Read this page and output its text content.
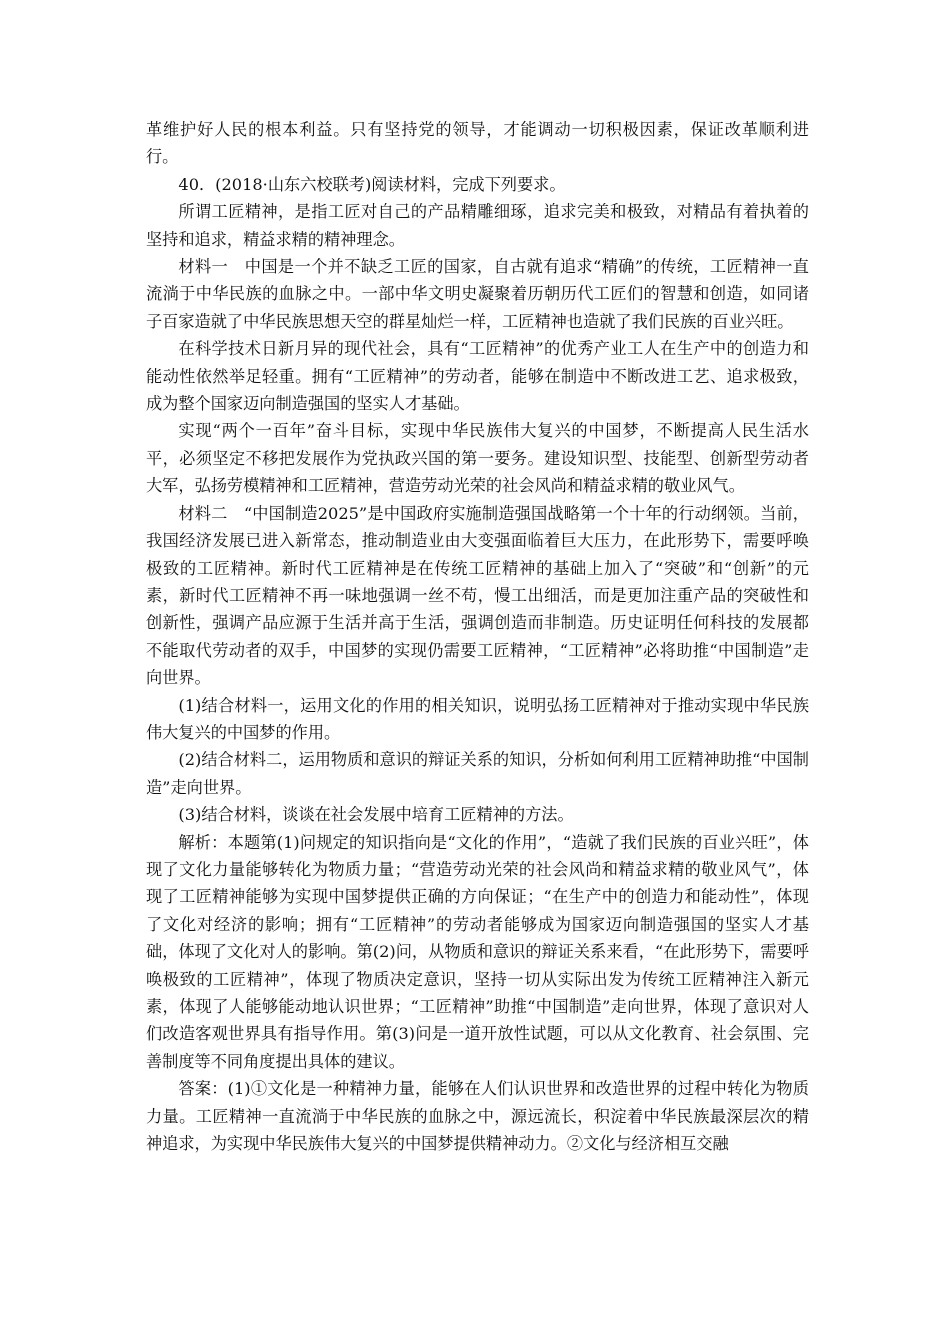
革维护好人民的根本利益。只有坚持党的领导，才能调动一切积极因素，保证改革顺利进行。

40．(2018·山东六校联考)阅读材料，完成下列要求。

所谓工匠精神，是指工匠对自己的产品精雕细琢，追求完美和极致，对精品有着执着的坚持和追求，精益求精的精神理念。

材料一　中国是一个并不缺乏工匠的国家，自古就有追求“精确”的传统，工匠精神一直流淌于中华民族的血脉之中。一部中华文明史凝聚着历朝历代工匠们的智慧和创造，如同诸子百家造就了中华民族思想天空的群星灿烂一样，工匠精神也造就了我们民族的百业兴旺。

在科学技术日新月异的现代社会，具有“工匠精神”的优秀产业工人在生产中的创造力和能动性依然举足轻重。拥有“工匠精神”的劳动者，能够在制造中不断改进工艺、追求极致，成为整个国家迈向制造强国的坚实人才基础。

实现“两个一百年”奋斗目标，实现中华民族伟大复兴的中国梦，不断提高人民生活水平，必须坚定不移把发展作为党执政兴国的第一要务。建设知识型、技能型、创新型劳动者大军，弘扬劳模精神和工匠精神，营造劳动光荣的社会风尚和精益求精的敬业风气。

材料二　“中国制造2025”是中国政府实施制造强国战略第一个十年的行动纲领。当前，我国经济发展已进入新常态，推动制造业由大变强面临着巨大压力，在此形势下，需要呼唤极致的工匠精神。新时代工匠精神是在传统工匠精神的基础上加入了“突破”和“创新”的元素，新时代工匠精神不再一味地强调一丝不苟，慢工出细活，而是更加注重产品的突破性和创新性，强调产品应源于生活并高于生活，强调创造而非制造。历史证明任何科技的发展都不能取代劳动者的双手，中国梦的实现仍需要工匠精神，“工匠精神”必将助推“中国制造”走向世界。

(1)结合材料一，运用文化的作用的相关知识，说明弘扬工匠精神对于推动实现中华民族伟大复兴的中国梦的作用。

(2)结合材料二，运用物质和意识的辩证关系的知识，分析如何利用工匠精神助推“中国制造”走向世界。

(3)结合材料，谈谈在社会发展中培育工匠精神的方法。

解析：本题第(1)问规定的知识指向是“文化的作用”，“造就了我们民族的百业兴旺”，体现了文化力量能够转化为物质力量；“营造劳动光荣的社会风尚和精益求精的敬业风气”，体现了工匠精神能够为实现中国梦提供正确的方向保证；“在生产中的创造力和能动性”，体现了文化对经济的影响；拥有“工匠精神”的劳动者能够成为国家迈向制造强国的坚实人才基础，体现了文化对人的影响。第(2)问，从物质和意识的辩证关系来看，“在此形势下，需要呼唤极致的工匠精神”，体现了物质决定意识，坚持一切从实际出发为传统工匠精神注入新元素，体现了人能够能动地认识世界；“工匠精神”助推“中国制造”走向世界，体现了意识对人们改造客观世界具有指导作用。第(3)问是一道开放性试题，可以从文化教育、社会氛围、完善制度等不同角度提出具体的建议。

答案：(1)①文化是一种精神力量，能够在人们认识世界和改造世界的过程中转化为物质力量。工匠精神一直流淌于中华民族的血脉之中，源远流长，积淀着中华民族最深层次的精神追求，为实现中华民族伟大复兴的中国梦提供精神动力。②文化与经济相互交融
